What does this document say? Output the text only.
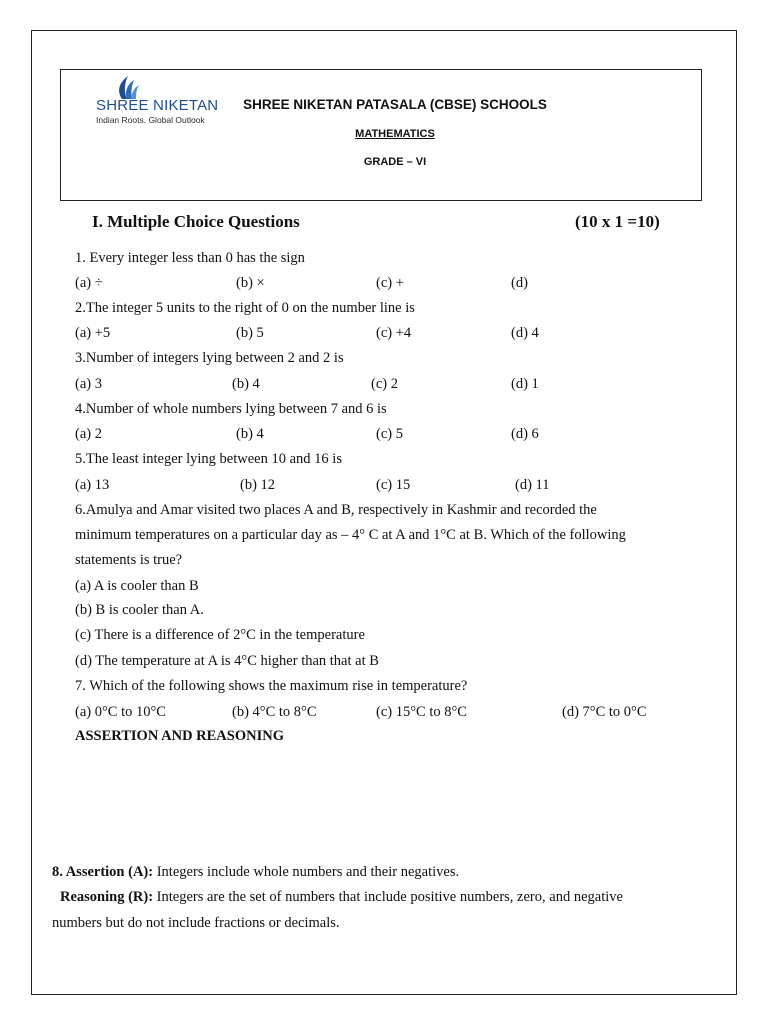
SHREE NIKETAN
Indian Roots. Global Outlook
SHREE NIKETAN PATASALA (CBSE) SCHOOLS
MATHEMATICS
GRADE – VI
I. Multiple Choice Questions	(10 x 1 =10)
1. Every integer less than 0 has the sign
(a) ÷	(b) ×	(c) +	(d)
2.The integer 5 units to the right of 0 on the number line is
(a) +5	(b) 5	(c) +4	(d) 4
3.Number of integers lying between 2 and 2 is
(a) 3	(b) 4	(c) 2	(d) 1
4.Number of whole numbers lying between 7 and 6 is
(a) 2	(b) 4	(c) 5	(d) 6
5.The least integer lying between 10 and 16 is
(a) 13	(b) 12	(c) 15	(d) 11
6.Amulya and Amar visited two places A and B, respectively in Kashmir and recorded the
minimum temperatures on a particular day as – 4° C at A and 1°C at B. Which of the following
statements is true?
(a) A is cooler than B
(b) B is cooler than A.
(c) There is a difference of 2°C in the temperature
(d) The temperature at A is 4°C higher than that at B
7. Which of the following shows the maximum rise in temperature?
(a) 0°C to 10°C	(b) 4°C to 8°C	(c) 15°C to 8°C	(d) 7°C to 0°C
ASSERTION AND REASONING
8. Assertion (A): Integers include whole numbers and their negatives.
Reasoning (R): Integers are the set of numbers that include positive numbers, zero, and negative
numbers but do not include fractions or decimals.
